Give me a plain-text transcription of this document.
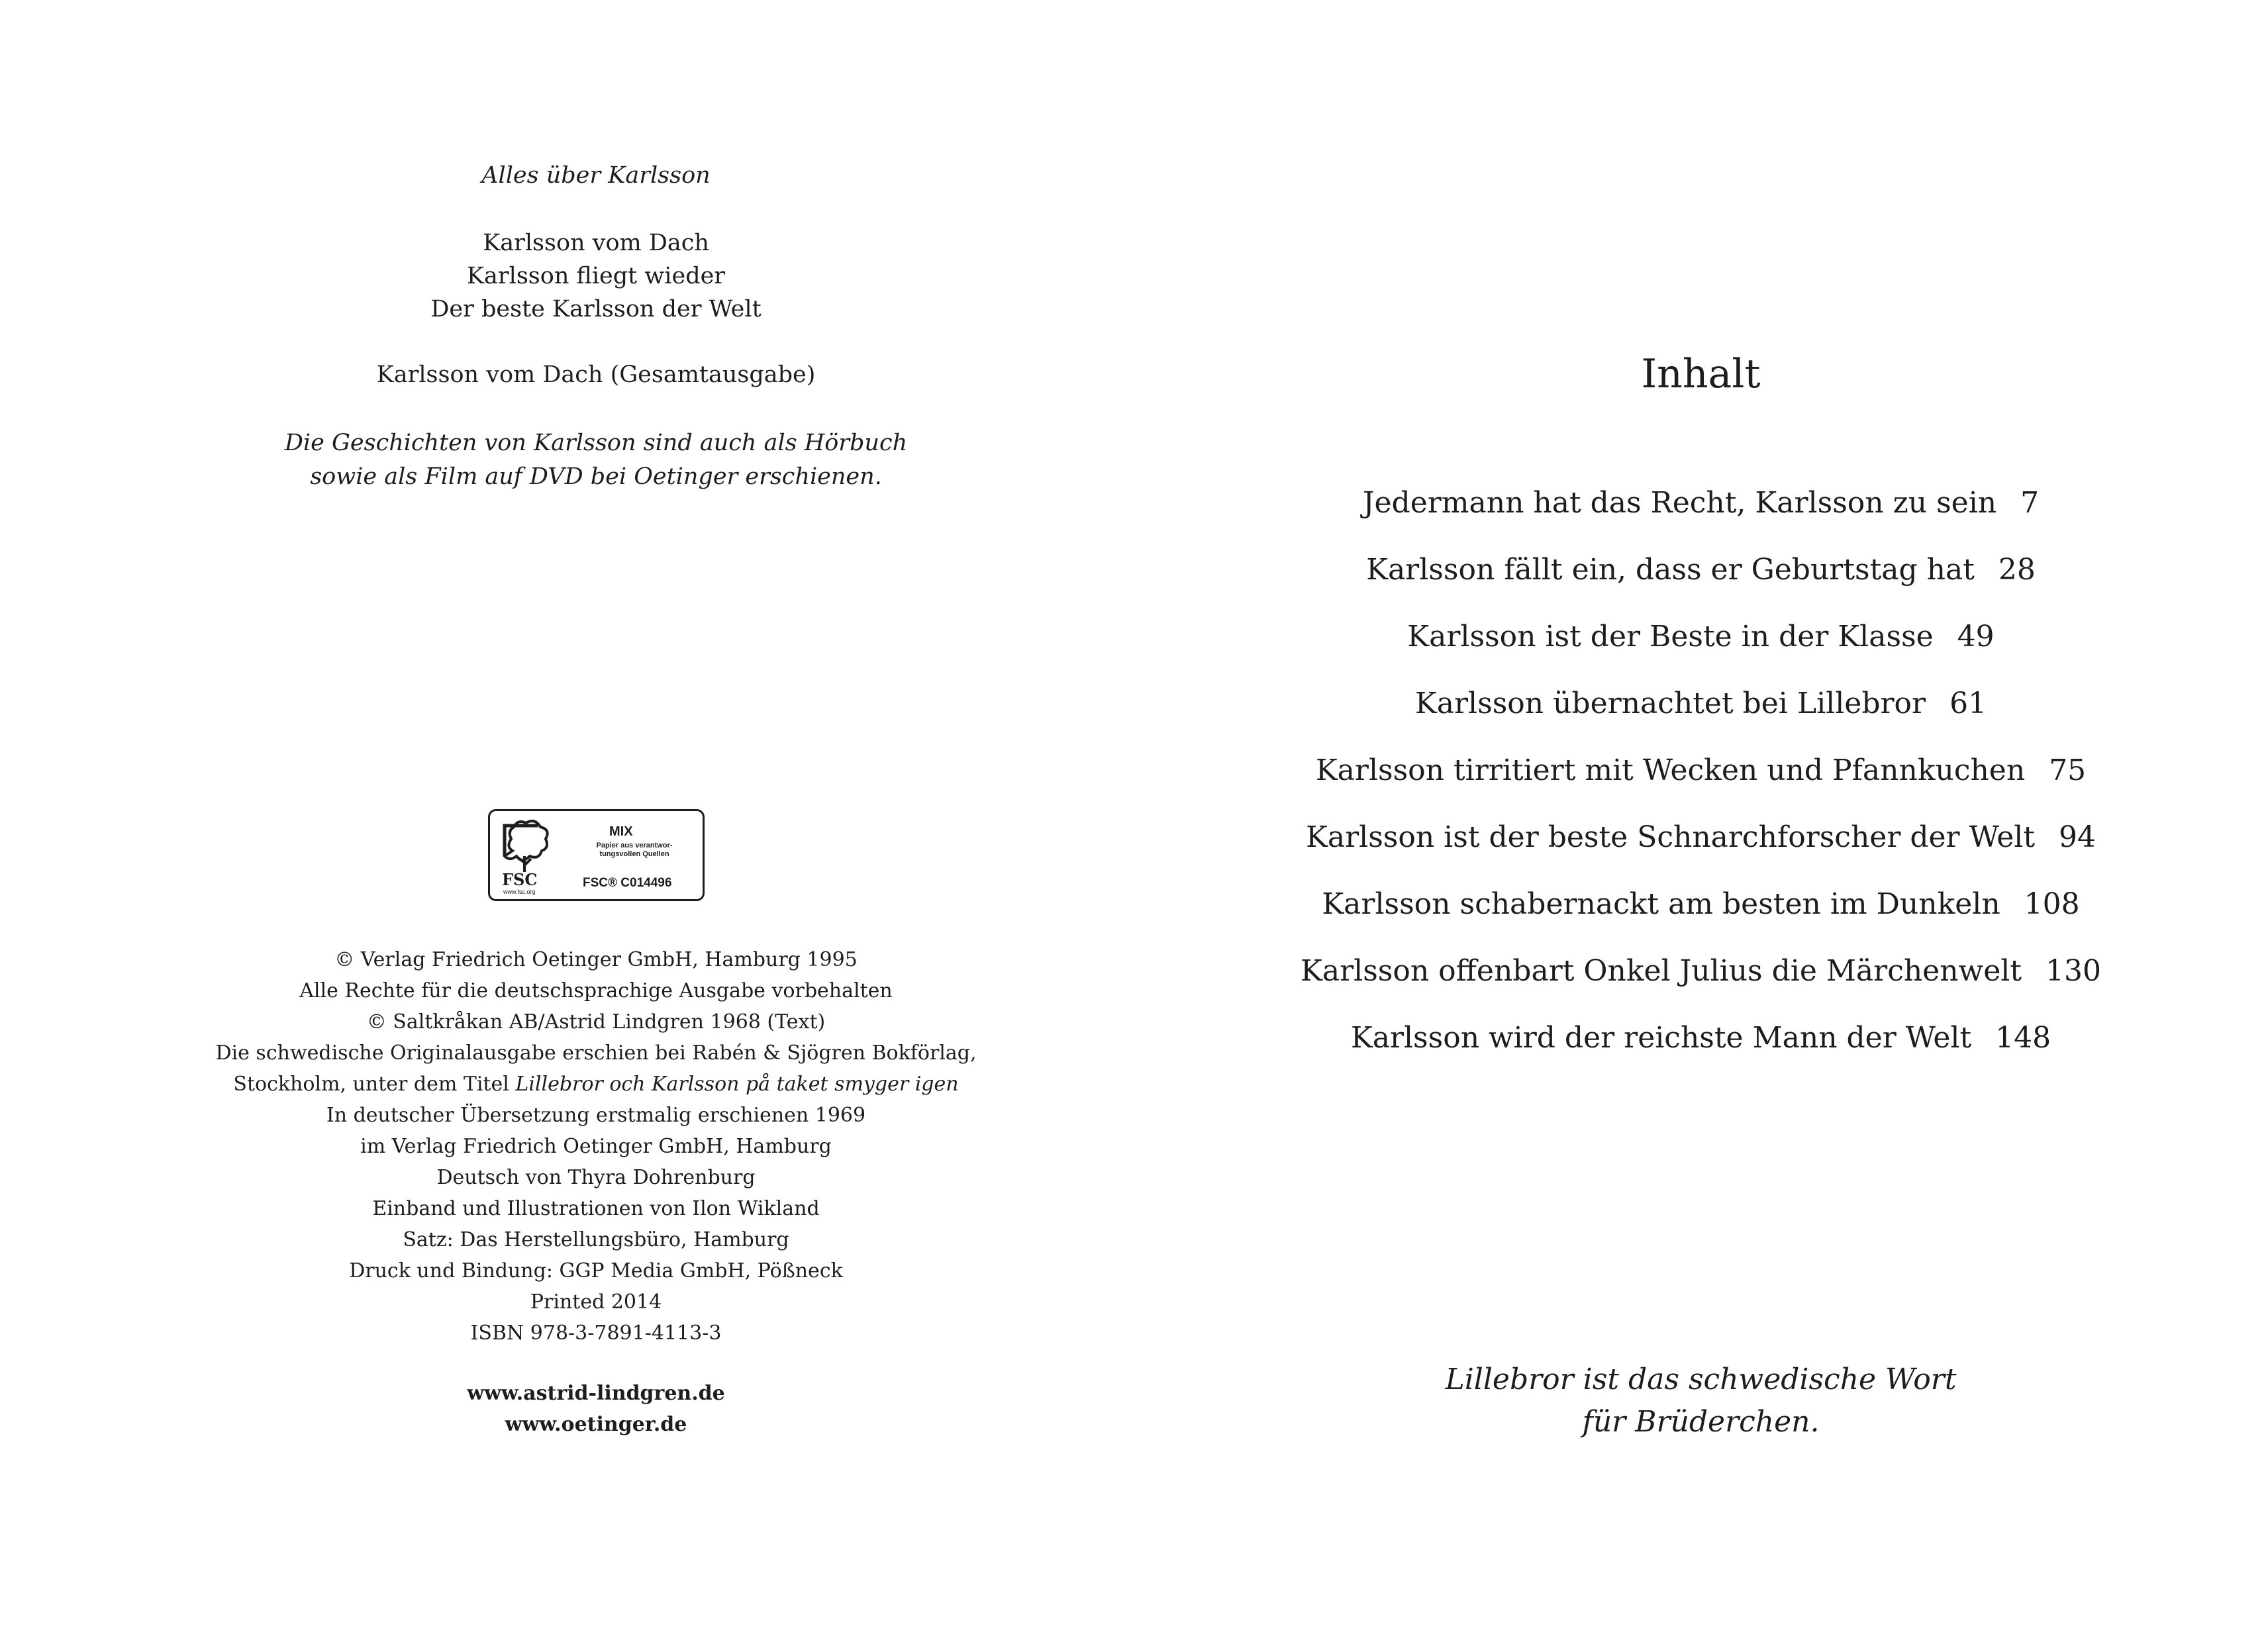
Alles über Karlsson
Karlsson vom Dach
Karlsson fliegt wieder
Der beste Karlsson der Welt
Karlsson vom Dach (Gesamtausgabe)
Die Geschichten von Karlsson sind auch als Hörbuch
sowie als Film auf DVD bei Oetinger erschienen.
FSC
www.fsc.org
MIX
Papier aus verantwor-
tungsvollen Quellen
FSC® C014496
© Verlag Friedrich Oetinger GmbH, Hamburg 1995
Alle Rechte für die deutschsprachige Ausgabe vorbehalten
© Saltkråkan AB/Astrid Lindgren 1968 (Text)
Die schwedische Originalausgabe erschien bei Rabén & Sjögren Bokförlag,
Stockholm, unter dem Titel Lillebror och Karlsson på taket smyger igen
In deutscher Übersetzung erstmalig erschienen 1969
im Verlag Friedrich Oetinger GmbH, Hamburg
Deutsch von Thyra Dohrenburg
Einband und Illustrationen von Ilon Wikland
Satz: Das Herstellungsbüro, Hamburg
Druck und Bindung: GGP Media GmbH, Pößneck
Printed 2014
ISBN 978-3-7891-4113-3
www.astrid-lindgren.de
www.oetinger.de
Inhalt
Jedermann hat das Recht, Karlsson zu sein 7
Karlsson fällt ein, dass er Geburtstag hat 28
Karlsson ist der Beste in der Klasse 49
Karlsson übernachtet bei Lillebror 61
Karlsson tirritiert mit Wecken und Pfannkuchen 75
Karlsson ist der beste Schnarchforscher der Welt 94
Karlsson schabernackt am besten im Dunkeln 108
Karlsson offenbart Onkel Julius die Märchenwelt 130
Karlsson wird der reichste Mann der Welt 148
Lillebror ist das schwedische Wort
für Brüderchen.
